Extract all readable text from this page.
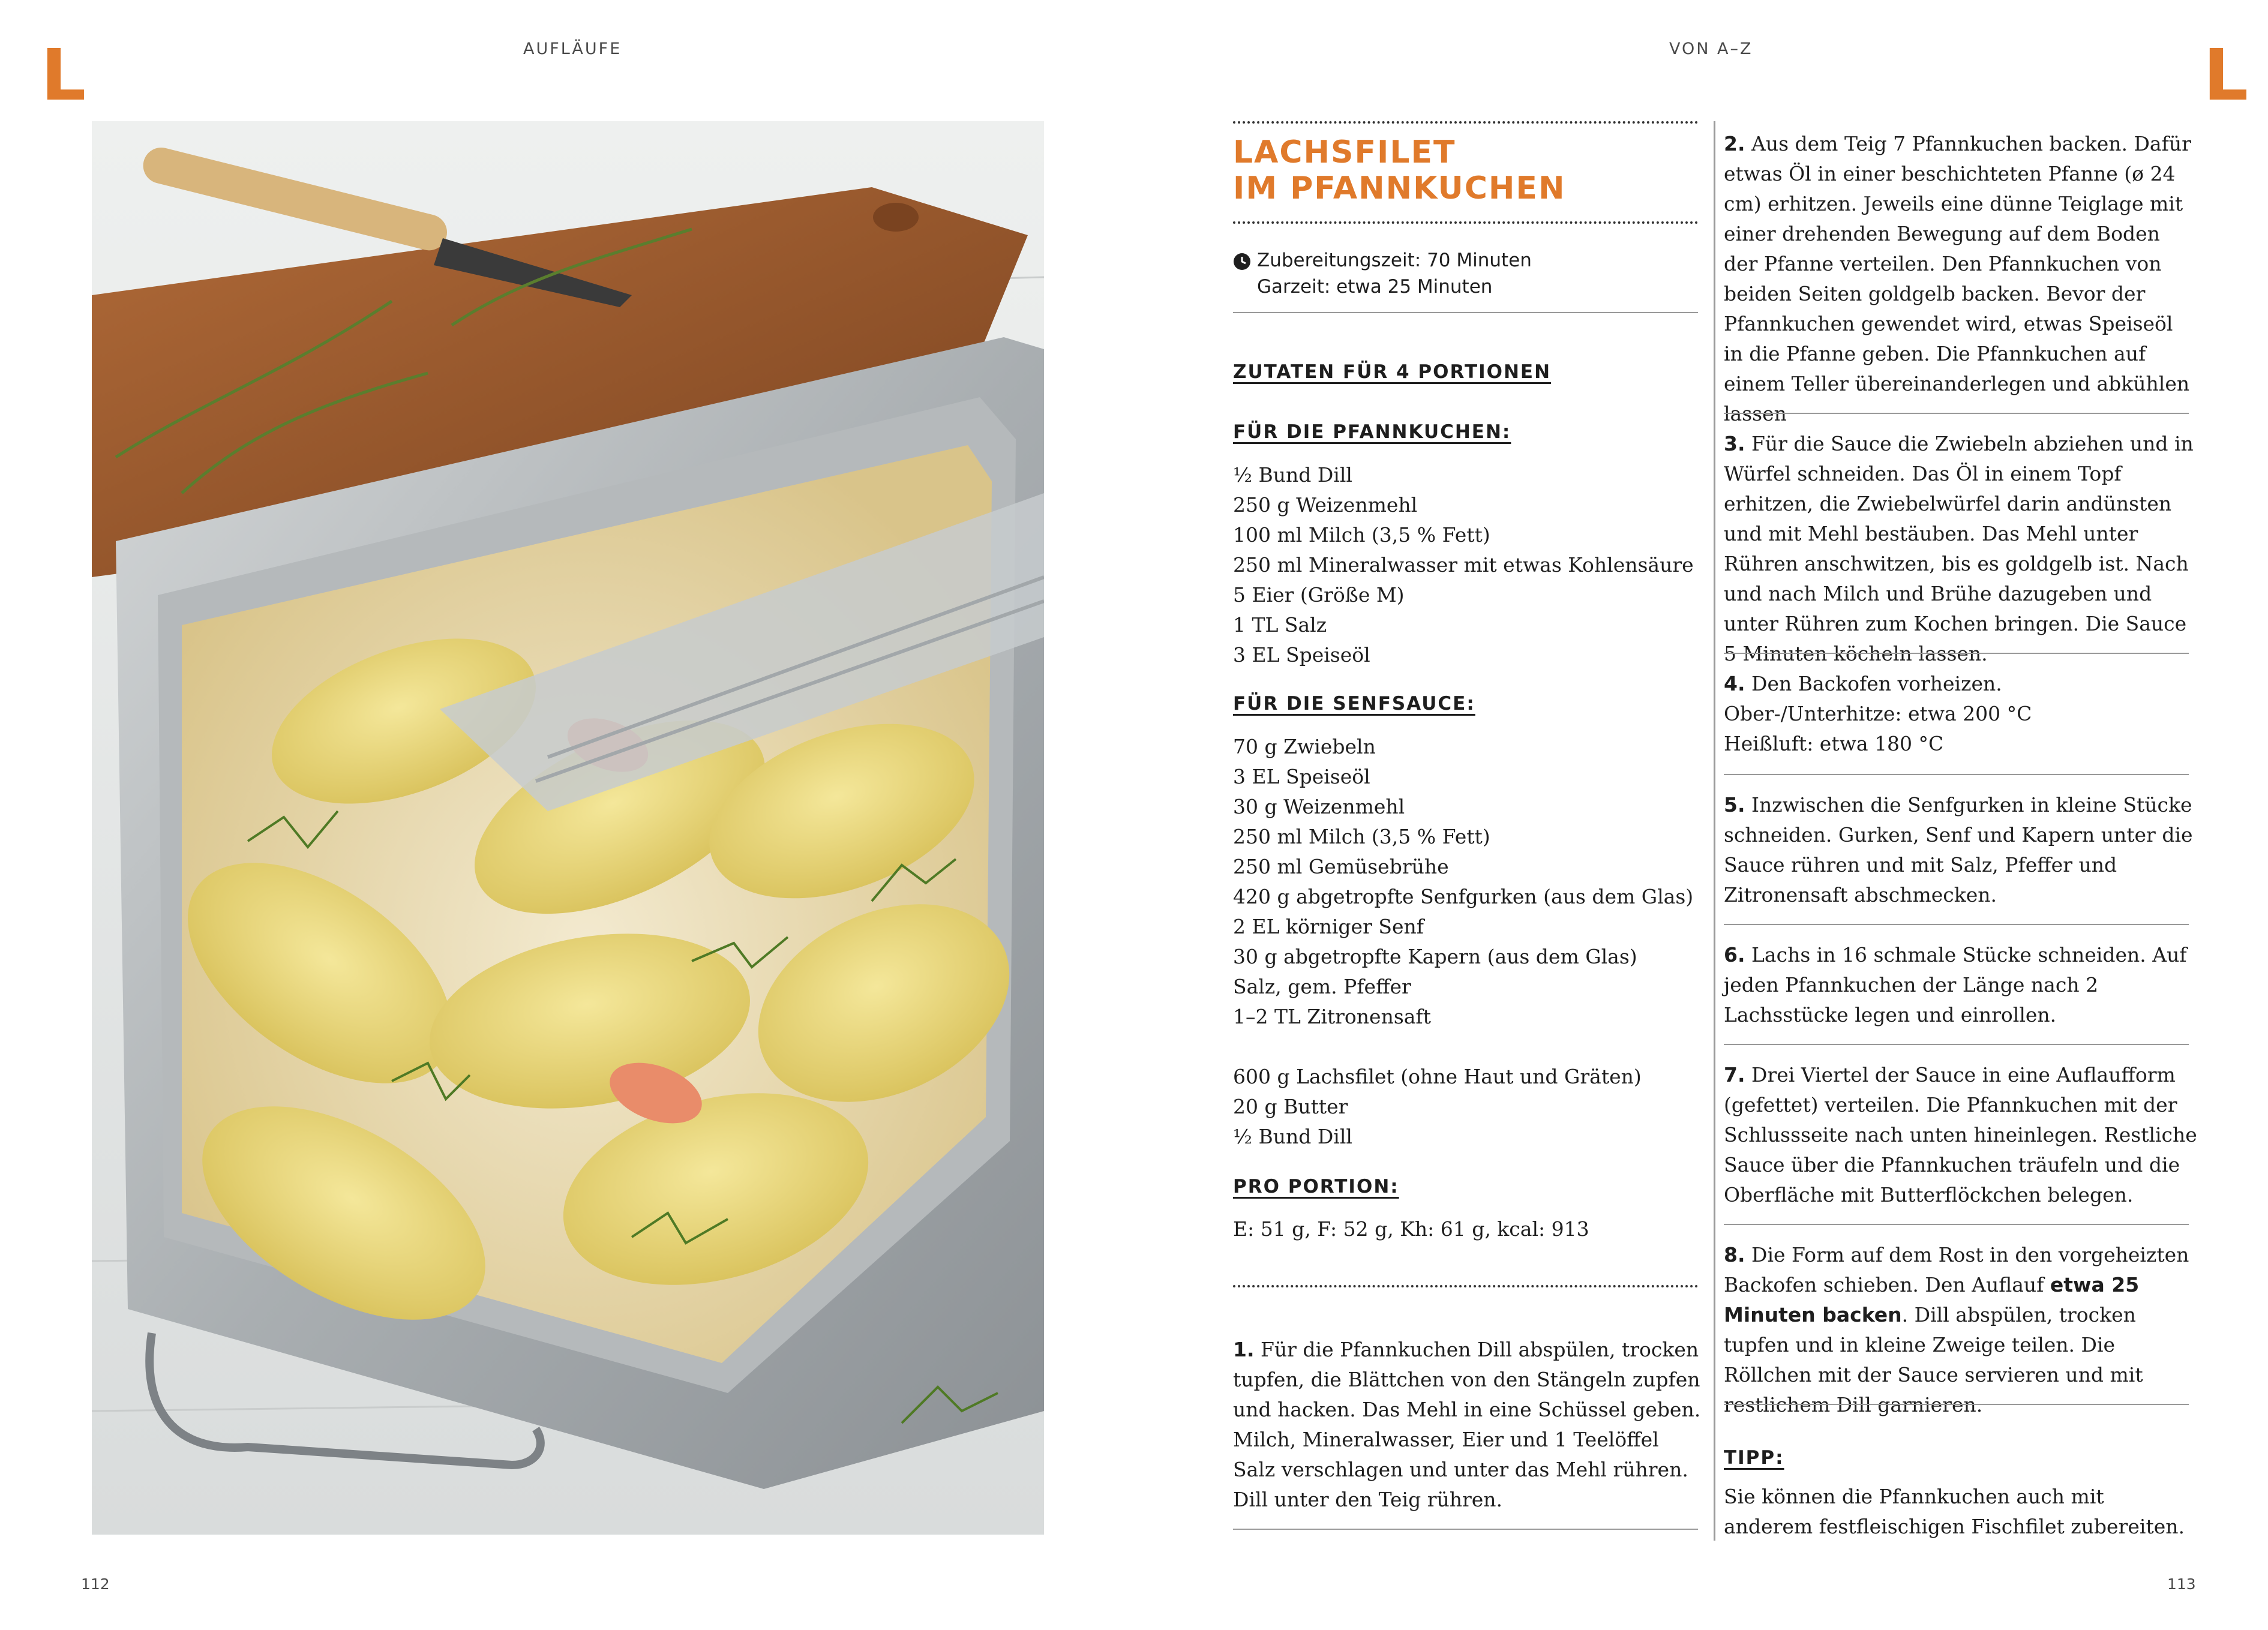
L	L
AUFLÄUFE	VON A–Z
LACHSFILET
IM PFANNKUCHEN
Zubereitungszeit: 70 Minuten
Garzeit: etwa 25 Minuten
ZUTATEN FÜR 4 PORTIONEN
FÜR DIE PFANNKUCHEN:
½ Bund Dill
250 g Weizenmehl
100 ml Milch (3,5 % Fett)
250 ml Mineralwasser mit etwas Kohlensäure
5 Eier (Größe M)
1 TL Salz
3 EL Speiseöl
FÜR DIE SENFSAUCE:
70 g Zwiebeln
3 EL Speiseöl
30 g Weizenmehl
250 ml Milch (3,5 % Fett)
250 ml Gemüsebrühe
420 g abgetropfte Senfgurken (aus dem Glas)
2 EL körniger Senf
30 g abgetropfte Kapern (aus dem Glas)
Salz, gem. Pfeffer
1–2 TL Zitronensaft
600 g Lachsfilet (ohne Haut und Gräten)
20 g Butter
½ Bund Dill
PRO PORTION:
E: 51 g, F: 52 g, Kh: 61 g, kcal: 913
1. Für die Pfannkuchen Dill abspülen, trocken tupfen, die Blättchen von den Stängeln zupfen und hacken. Das Mehl in eine Schüssel geben. Milch, Mineralwasser, Eier und 1 Teelöffel Salz verschlagen und unter das Mehl rühren. Dill unter den Teig rühren.
2. Aus dem Teig 7 Pfannkuchen backen. Dafür etwas Öl in einer beschichteten Pfanne (ø 24 cm) erhitzen. Jeweils eine dünne Teiglage mit einer drehenden Bewegung auf dem Boden der Pfanne verteilen. Den Pfannkuchen von beiden Seiten goldgelb backen. Bevor der Pfannkuchen gewendet wird, etwas Speiseöl in die Pfanne geben. Die Pfannkuchen auf einem Teller übereinanderlegen und abkühlen lassen
3. Für die Sauce die Zwiebeln abziehen und in Würfel schneiden. Das Öl in einem Topf erhitzen, die Zwiebelwürfel darin andünsten und mit Mehl bestäuben. Das Mehl unter Rühren anschwitzen, bis es goldgelb ist. Nach und nach Milch und Brühe dazugeben und unter Rühren zum Kochen bringen. Die Sauce 5 Minuten köcheln lassen.
4. Den Backofen vorheizen.
Ober-/Unterhitze: etwa 200 °C
Heißluft: etwa 180 °C
5. Inzwischen die Senfgurken in kleine Stücke schneiden. Gurken, Senf und Kapern unter die Sauce rühren und mit Salz, Pfeffer und Zitronensaft abschmecken.
6. Lachs in 16 schmale Stücke schneiden. Auf jeden Pfannkuchen der Länge nach 2 Lachsstücke legen und einrollen.
7. Drei Viertel der Sauce in eine Auflaufform (gefettet) verteilen. Die Pfannkuchen mit der Schlussseite nach unten hineinlegen. Restliche Sauce über die Pfannkuchen träufeln und die Oberfläche mit Butterflöckchen belegen.
8. Die Form auf dem Rost in den vorgeheizten Backofen schieben. Den Auflauf etwa 25 Minuten backen. Dill abspülen, trocken tupfen und in kleine Zweige teilen. Die Röllchen mit der Sauce servieren und mit restlichem Dill garnieren.
TIPP:
Sie können die Pfannkuchen auch mit anderem festfleischigen Fischfilet zubereiten.
112	113
